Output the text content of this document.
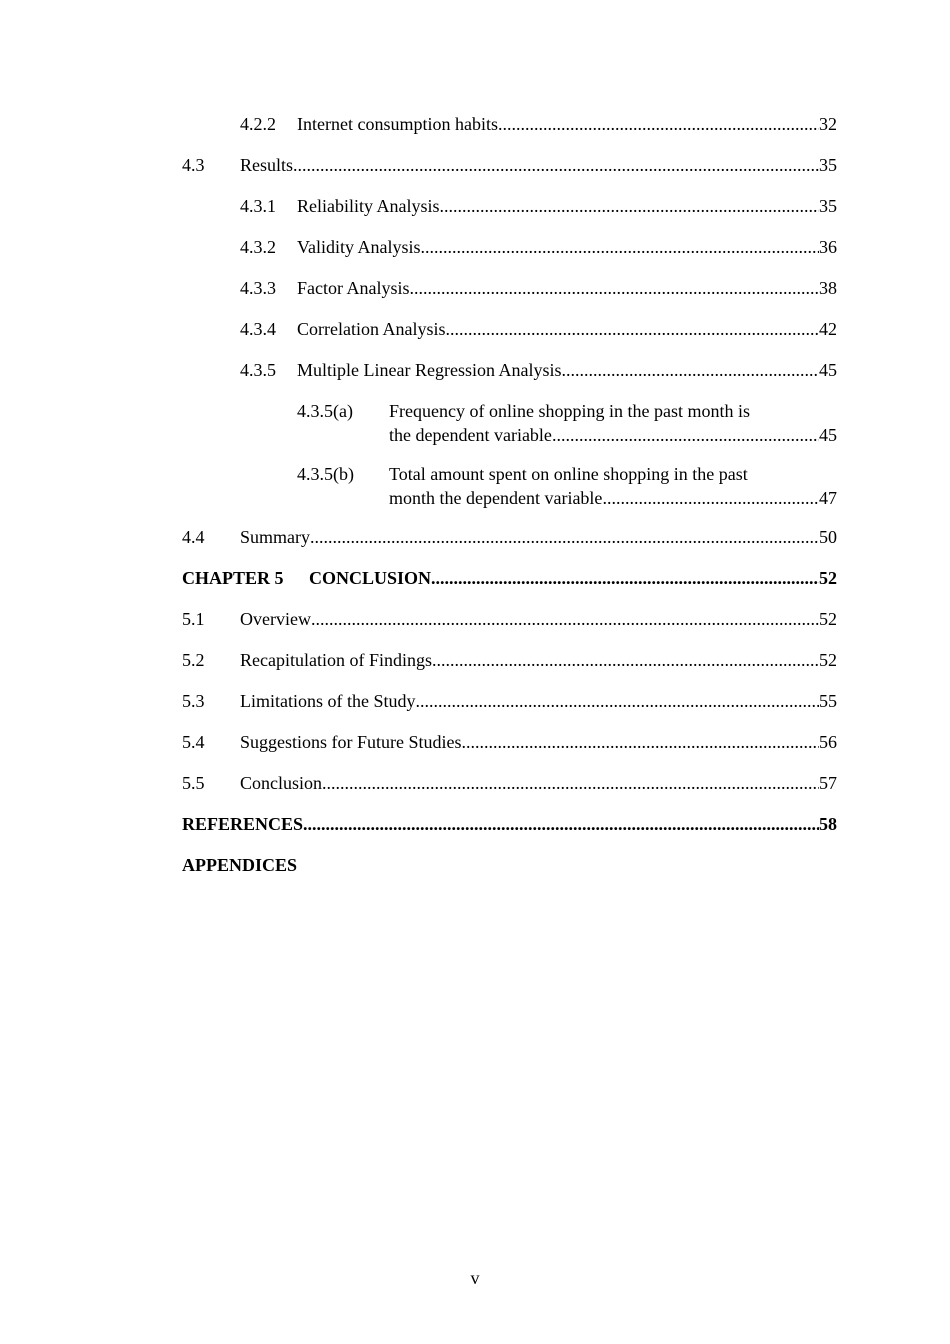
4.2.2 Internet consumption habits .....	32
4.3 Results .....	35
4.3.1 Reliability Analysis .....	35
4.3.2 Validity Analysis .....	36
4.3.3 Factor Analysis .....	38
4.3.4 Correlation Analysis .....	42
4.3.5 Multiple Linear Regression Analysis .....	45
4.3.5(a) Frequency of online shopping in the past month is
the dependent variable .....	45
4.3.5(b) Total amount spent on online shopping in the past
month the dependent variable .....	47
4.4 Summary .....	50
CHAPTER 5 CONCLUSION .....	52
5.1 Overview .....	52
5.2 Recapitulation of Findings .....	52
5.3 Limitations of the Study .....	55
5.4 Suggestions for Future Studies .....	56
5.5 Conclusion .....	57
REFERENCES .....	58
APPENDICES
v
